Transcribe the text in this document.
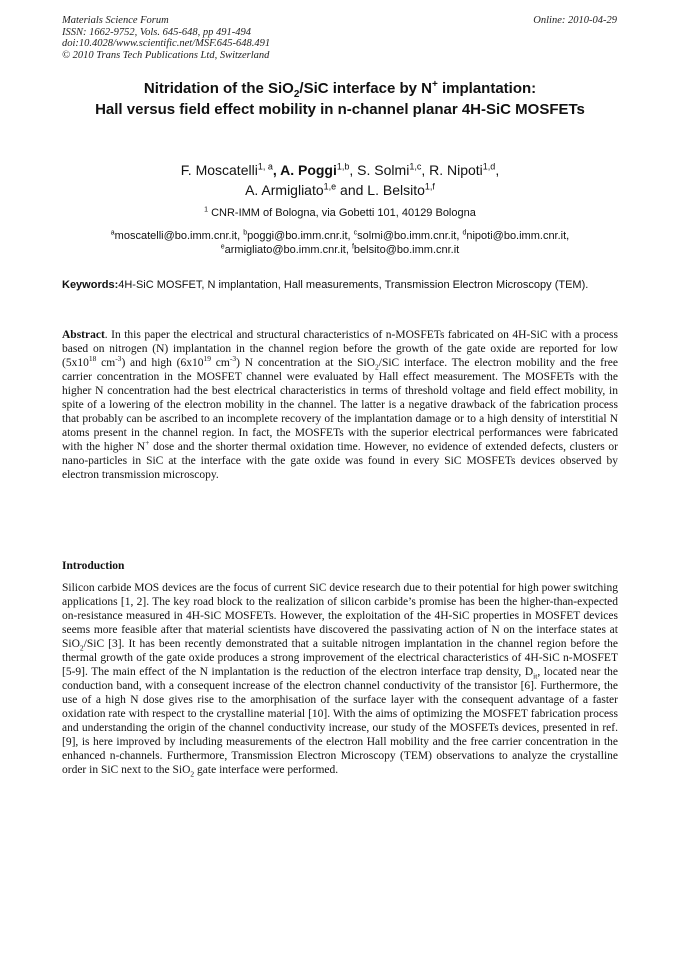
Materials Science Forum
ISSN: 1662-9752, Vols. 645-648, pp 491-494
doi:10.4028/www.scientific.net/MSF.645-648.491
© 2010 Trans Tech Publications Ltd, Switzerland
Online: 2010-04-29
Nitridation of the SiO$_2$/SiC interface by N+ implantation:
Hall versus field effect mobility in n-channel planar 4H-SiC MOSFETs
F. Moscatelli$^{1, a}$, A. Poggi$^{1,b}$, S. Solmi$^{1,c}$, R. Nipoti$^{1,d}$,
A. Armigliato$^{1,e}$ and L. Belsito$^{1,f}$
$^1$ CNR-IMM of Bologna, via Gobetti 101, 40129 Bologna
$^a$moscatelli@bo.imm.cnr.it, $^b$poggi@bo.imm.cnr.it, $^c$solmi@bo.imm.cnr.it, $^d$nipoti@bo.imm.cnr.it,
$^e$armigliato@bo.imm.cnr.it, $^f$belsito@bo.imm.cnr.it
Keywords:4H-SiC MOSFET, N implantation, Hall measurements, Transmission Electron Microscopy (TEM).
Abstract. In this paper the electrical and structural characteristics of n-MOSFETs fabricated on 4H-SiC with a process based on nitrogen (N) implantation in the channel region before the growth of the gate oxide are reported for low ($5x10^{18}$ $cm^{-3}$) and high ($6x10^{19}$ $cm^{-3}$) N concentration at the SiO$_2$/SiC interface. The electron mobility and the free carrier concentration in the MOSFET channel were evaluated by Hall effect measurement. The MOSFETs with the higher N concentration had the best electrical characteristics in terms of threshold voltage and field effect mobility, in spite of a lowering of the electron mobility in the channel. The latter is a negative drawback of the fabrication process that probably can be ascribed to an incomplete recovery of the implantation damage or to a high density of interstitial N atoms present in the channel region. In fact, the MOSFETs with the superior electrical performances were fabricated with the higher N+ dose and the shorter thermal oxidation time. However, no evidence of extended defects, clusters or nano-particles in SiC at the interface with the gate oxide was found in every SiC MOSFETs devices observed by electron transmission microscopy.
Introduction
Silicon carbide MOS devices are the focus of current SiC device research due to their potential for high power switching applications [1, 2]. The key road block to the realization of silicon carbide’s promise has been the higher-than-expected on-resistance measured in 4H-SiC MOSFETs. However, the exploitation of the 4H-SiC properties in MOSFET devices seems more feasible after that material scientists have discovered the passivating action of N on the interface states at SiO$_2$/SiC [3]. It has been recently demonstrated that a suitable nitrogen implantation in the channel region before the thermal growth of the gate oxide produces a strong improvement of the electrical characteristics of 4H-SiC n-MOSFET [5-9]. The main effect of the N implantation is the reduction of the electron interface trap density, $D_{it}$, located near the conduction band, with a consequent increase of the electron channel conductivity of the transistor [6]. Furthermore, the use of a high N dose gives rise to the amorphisation of the surface layer with the consequent advantage of a faster oxidation rate with respect to the crystalline material [10]. With the aims of optimizing the MOSFET fabrication process and understanding the origin of the channel conductivity increase, our study of the MOSFETs devices, presented in ref. [9], is here improved by including measurements of the electron Hall mobility and the free carrier concentration in the enhanced n-channels. Furthermore, Transmission Electron Microscopy (TEM) observations to analyze the crystalline order in SiC next to the SiO$_2$ gate interface were performed.
